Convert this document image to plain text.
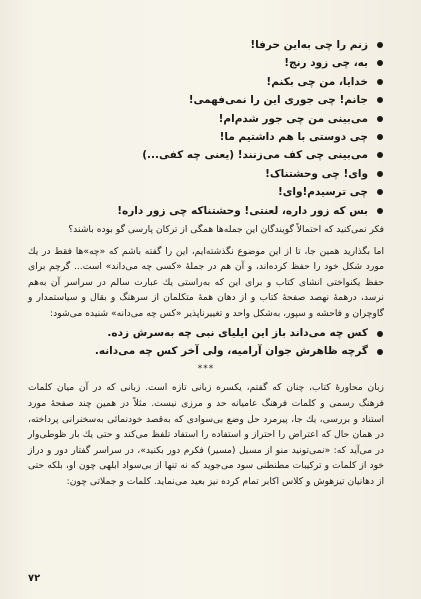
زنم را چی به‌این حرفا!
به، چی زود رنج!
خدایا، من چی بکنم!
جانم! چی جوری این را نمی‌فهمی!
می‌بینی من چی جور شدم‌ام!
چی دوستی با هم داشتیم ما!
می‌بینی چی کف می‌زنند! (یعنی چه کفی...)
وای! چی وحشتناک!
چی ترسیدم!وای!
بس که زور داره، لعنتی! وحشتناکه چی زور داره!

فکر نمی‌کنید که احتمالاً گویندگان این جمله‌ها همگی از ترکان پارسی گو بوده باشند؟

اما بگذارید همین جا، تا از این موضوع نگذشته‌ایم، این را گفته باشم که «چه»ها فقط در یك مورد شکل خود را حفظ کرده‌اند، و آن هم در جملهٔ «کسی چه می‌داند» است... گرچم برای حفظ یکنواختی انشای کتاب و برای این که به‌راستی یك عبارت سالم در سراسر آن به‌هم نرسد، درهمهٔ نهصد صفحهٔ کتاب و از دهان همهٔ متکلمان از سرهنگ و بقال و سیاستمدار و گاوچران و فاحشه و سپور، به‌شکل واحد و تغییرناپذیر «کس چه می‌دانه» شنیده می‌شود:

کس چه می‌داند باز این ایلیای نبی چه به‌سرش زده.
گرچه ظاهرش جوان آرامیه، ولی آخر کس چه می‌دانه.
***

زبان محاورهٔ کتاب، چنان که گفتم، یکسره زبانی تازه است. زبانی که در آن میان کلمات فرهنگ رسمی و کلمات فرهنگ عامیانه حد و مرزی نیست. مثلاً در همین چند صفحهٔ مورد استناد و بررسی، یك جا، پیرمرد حل وضع بی‌سوادی که به‌قصد خودنمائی به‌سخنرانی پرداخته، در همان حال که اعتراض را احتراز و استفاده را استفاد تلفظ می‌کند و حتی یك بار ظوطی‌وار در می‌آید که: «نمی‌تونید منو از مسیل (مسیر) فکرم دور بکنید»، در سراسر گفتار دور و دراز خود از کلمات و ترکیبات مطنطنی سود می‌جوید که نه تنها از بی‌سواد ابلهی چون او، بلکه حتی از دهانیان تیزهوش و کلاس اکابر تمام کرده نیز بعید می‌نماید. کلمات و جملاتی چون:

۷۲
